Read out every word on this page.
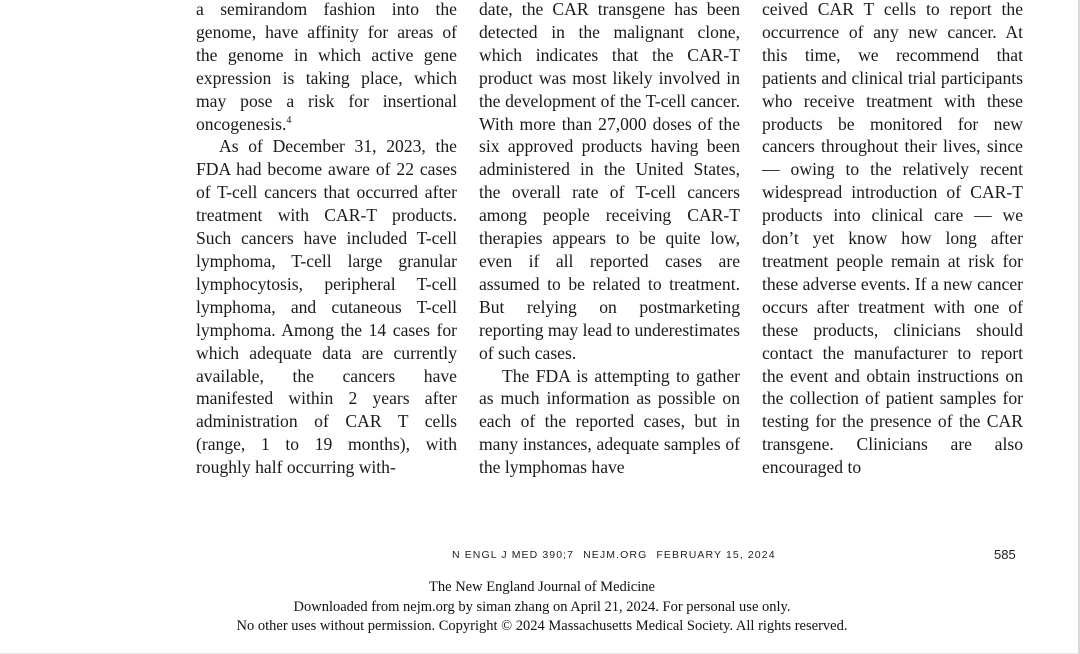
a semirandom fashion into the genome, have affinity for areas of the genome in which active gene expression is taking place, which may pose a risk for insertional oncogenesis.$^4$

As of December 31, 2023, the FDA had become aware of 22 cases of T-cell cancers that occurred after treatment with CAR-T products. Such cancers have included T-cell lymphoma, T-cell large granular lymphocytosis, peripheral T-cell lymphoma, and cutaneous T-cell lymphoma. Among the 14 cases for which adequate data are currently available, the cancers have manifested within 2 years after administration of CAR T cells (range, 1 to 19 months), with roughly half occurring with-

date, the CAR transgene has been detected in the malignant clone, which indicates that the CAR-T product was most likely involved in the development of the T-cell cancer. With more than 27,000 doses of the six approved products having been administered in the United States, the overall rate of T-cell cancers among people receiving CAR-T therapies appears to be quite low, even if all reported cases are assumed to be related to treatment. But relying on postmarketing reporting may lead to underestimates of such cases.

The FDA is attempting to gather as much information as possible on each of the reported cases, but in many instances, adequate samples of the lymphomas have

ceived CAR T cells to report the occurrence of any new cancer. At this time, we recommend that patients and clinical trial participants who receive treatment with these products be monitored for new cancers throughout their lives, since — owing to the relatively recent widespread introduction of CAR-T products into clinical care — we don’t yet know how long after treatment people remain at risk for these adverse events. If a new cancer occurs after treatment with one of these products, clinicians should contact the manufacturer to report the event and obtain instructions on the collection of patient samples for testing for the presence of the CAR transgene. Clinicians are also encouraged to

N ENGL J MED 390;7 NEJM.ORG FEBRUARY 15, 2024	585
The New England Journal of Medicine
Downloaded from nejm.org by siman zhang on April 21, 2024. For personal use only.
No other uses without permission. Copyright © 2024 Massachusetts Medical Society. All rights reserved.
